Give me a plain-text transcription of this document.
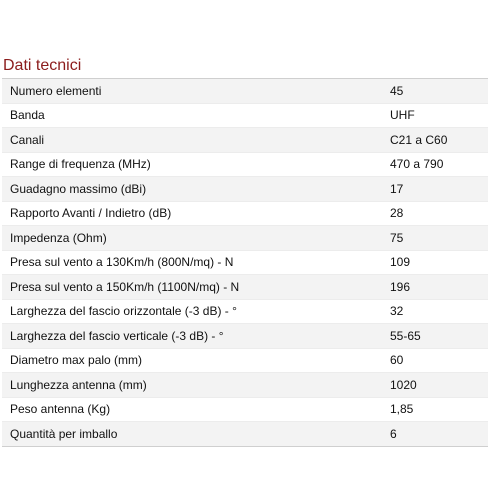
Dati tecnici
Numero elementi	45
Banda	UHF
Canali	C21 a C60
Range di frequenza (MHz)	470 a 790
Guadagno massimo (dBi)	17
Rapporto Avanti / Indietro (dB)	28
Impedenza (Ohm)	75
Presa sul vento a 130Km/h (800N/mq) - N	109
Presa sul vento a 150Km/h (1100N/mq) - N	196
Larghezza del fascio orizzontale (-3 dB) - °	32
Larghezza del fascio verticale (-3 dB) - °	55-65
Diametro max palo (mm)	60
Lunghezza antenna (mm)	1020
Peso antenna (Kg)	1,85
Quantità per imballo	6
